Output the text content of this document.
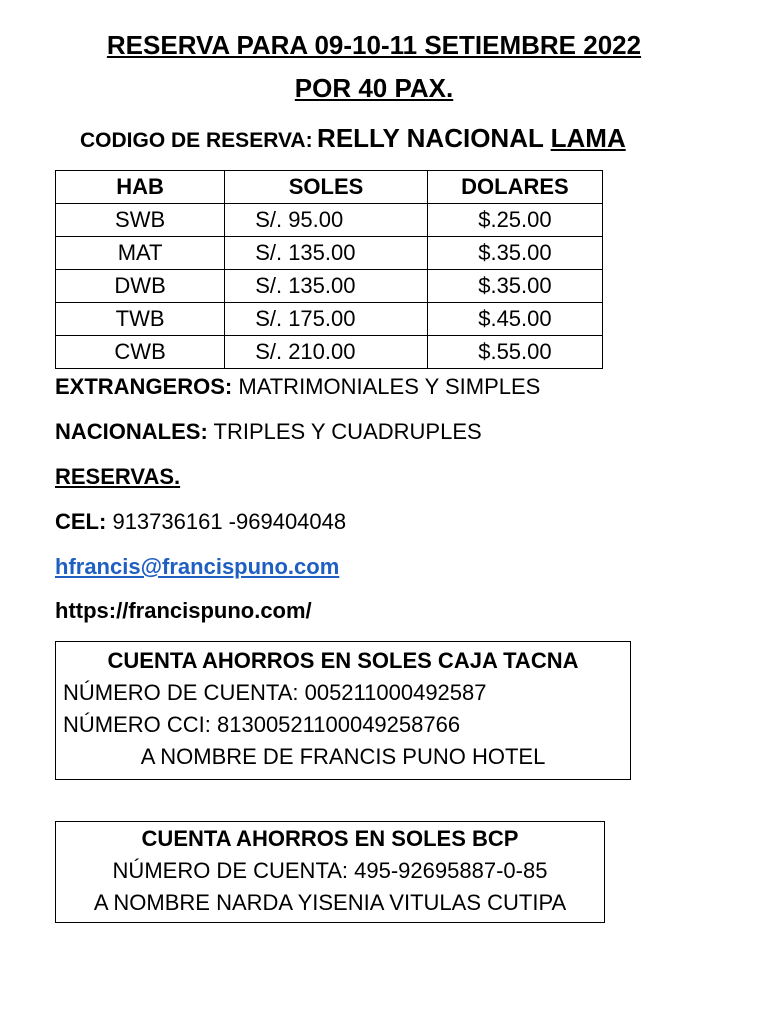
RESERVA PARA 09-10-11 SETIEMBRE 2022
POR 40 PAX.
CODIGO DE RESERVA: RELLY NACIONAL LAMA
HAB	SOLES	DOLARES
SWB	S/. 95.00	$.25.00
MAT	S/. 135.00	$.35.00
DWB	S/. 135.00	$.35.00
TWB	S/. 175.00	$.45.00
CWB	S/. 210.00	$.55.00
EXTRANGEROS: MATRIMONIALES Y SIMPLES
NACIONALES: TRIPLES Y CUADRUPLES
RESERVAS.
CEL: 913736161 -969404048
hfrancis@francispuno.com
https://francispuno.com/
CUENTA AHORROS EN SOLES CAJA TACNA
NÚMERO DE CUENTA: 005211000492587
NÚMERO CCI: 81300521100049258766
A NOMBRE DE FRANCIS PUNO HOTEL
CUENTA AHORROS EN SOLES BCP
NÚMERO DE CUENTA: 495-92695887-0-85
A NOMBRE NARDA YISENIA VITULAS CUTIPA
